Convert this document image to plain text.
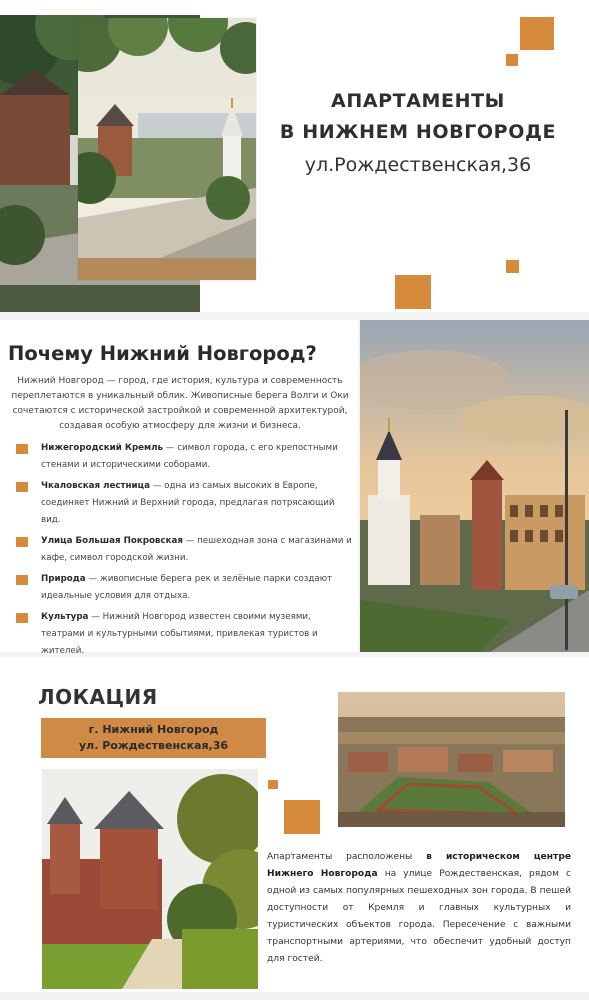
АПАРТАМЕНТЫ
В НИЖНЕМ НОВГОРОДЕ
ул.Рождественская,36
Почему Нижний Новгород?

Нижний Новгород — город, где история, культура и современность переплетаются в уникальный облик. Живописные берега Волги и Оки сочетаются с исторической застройкой и современной архитектурой, создавая особую атмосферу для жизни и бизнеса.

Нижегородский Кремль — символ города, с его крепостными стенами и историческими соборами.
Чкаловская лестница — одна из самых высоких в Европе, соединяет Нижний и Верхний города, предлагая потрясающий вид.
Улица Большая Покровская — пешеходная зона с магазинами и кафе, символ городской жизни.
Природа — живописные берега рек и зелёные парки создают идеальные условия для отдыха.
Культура — Нижний Новгород известен своими музеями, театрами и культурными событиями, привлекая туристов и жителей.
ЛОКАЦИЯ
г. Нижний Новгород
ул. Рождественская,36

Апартаменты расположены в историческом центре Нижнего Новгорода на улице Рождественская, рядом с одной из самых популярных пешеходных зон города. В пешей доступности от Кремля и главных культурных и туристических объектов города. Пересечение с важными транспортными артериями, что обеспечит удобный доступ для гостей.
